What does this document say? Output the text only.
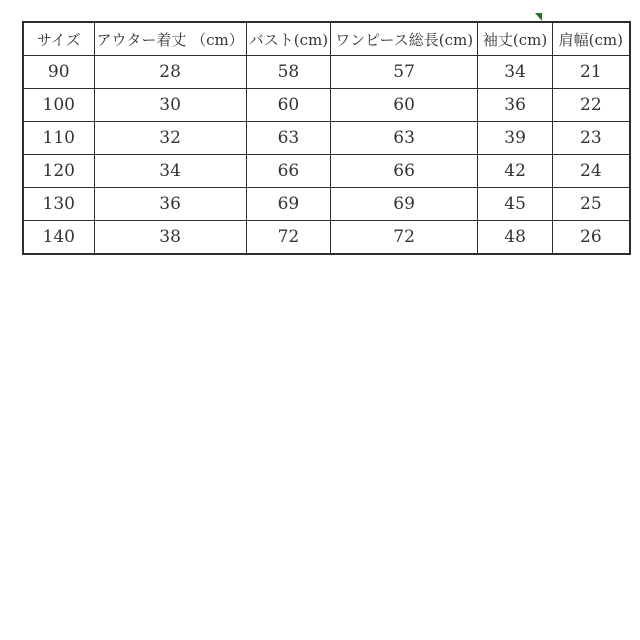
サイズ	アウター着丈 （cm）	バスト(cm)	ワンピース総長(cm)	袖丈(cm)	肩幅(cm)
90	28	58	57	34	21
100	30	60	60	36	22
110	32	63	63	39	23
120	34	66	66	42	24
130	36	69	69	45	25
140	38	72	72	48	26
